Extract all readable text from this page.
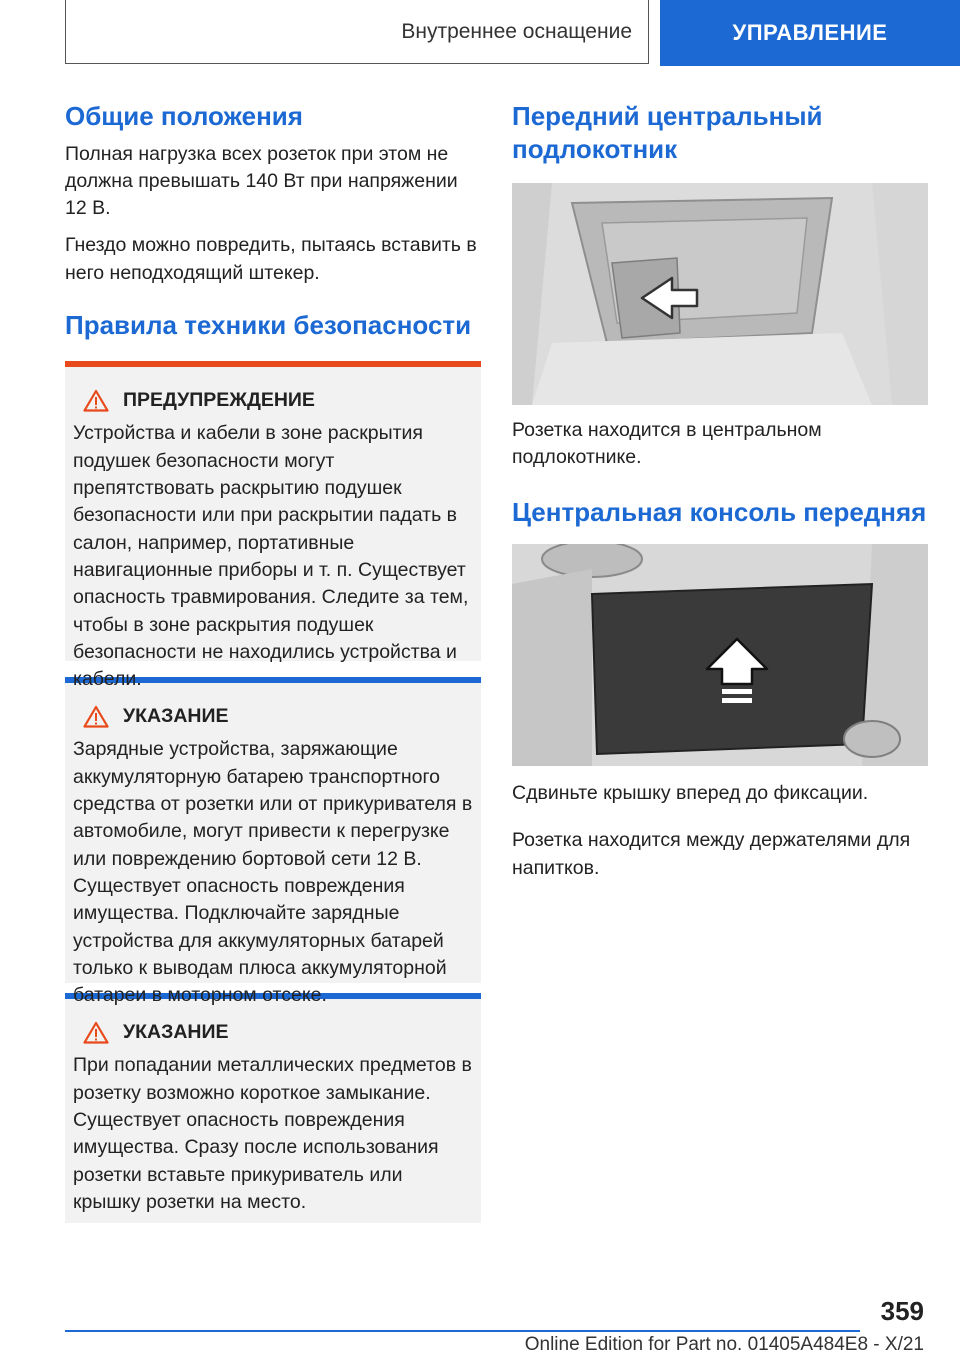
Внутреннее оснащение	УПРАВЛЕНИЕ
Общие положения

Полная нагрузка всех розеток при этом не должна превышать 140 Вт при напряжении 12 В.

Гнездо можно повредить, пытаясь вставить в него неподходящий штекер.

Правила техники безопасности
ПРЕДУПРЕЖДЕНИЕ

Устройства и кабели в зоне раскрытия подушек безопасности могут препятствовать раскрытию подушек безопасности или при раскрытии падать в салон, например, портативные навигационные приборы и т. п. Существует опасность травмирования. Следите за тем, чтобы в зоне раскрытия подушек безопасности не находились устройства и кабели.

УКАЗАНИЕ

Зарядные устройства, заряжающие аккумуляторную батарею транспортного средства от розетки или от прикуривателя в автомобиле, могут привести к перегрузке или повреждению бортовой сети 12 В. Существует опасность повреждения имущества. Подключайте зарядные устройства для аккумуляторных батарей только к выводам плюса аккумуляторной батареи в моторном отсеке.

УКАЗАНИЕ

При попадании металлических предметов в розетку возможно короткое замыкание. Существует опасность повреждения имущества. Сразу после использования розетки вставьте прикуриватель или крышку розетки на место.

Передний центральный подлокотник

Розетка находится в центральном подлокотнике.

Центральная консоль передняя

Сдвиньте крышку вперед до фиксации.

Розетка находится между держателями для напитков.

359
Online Edition for Part no. 01405A484E8 - X/21
